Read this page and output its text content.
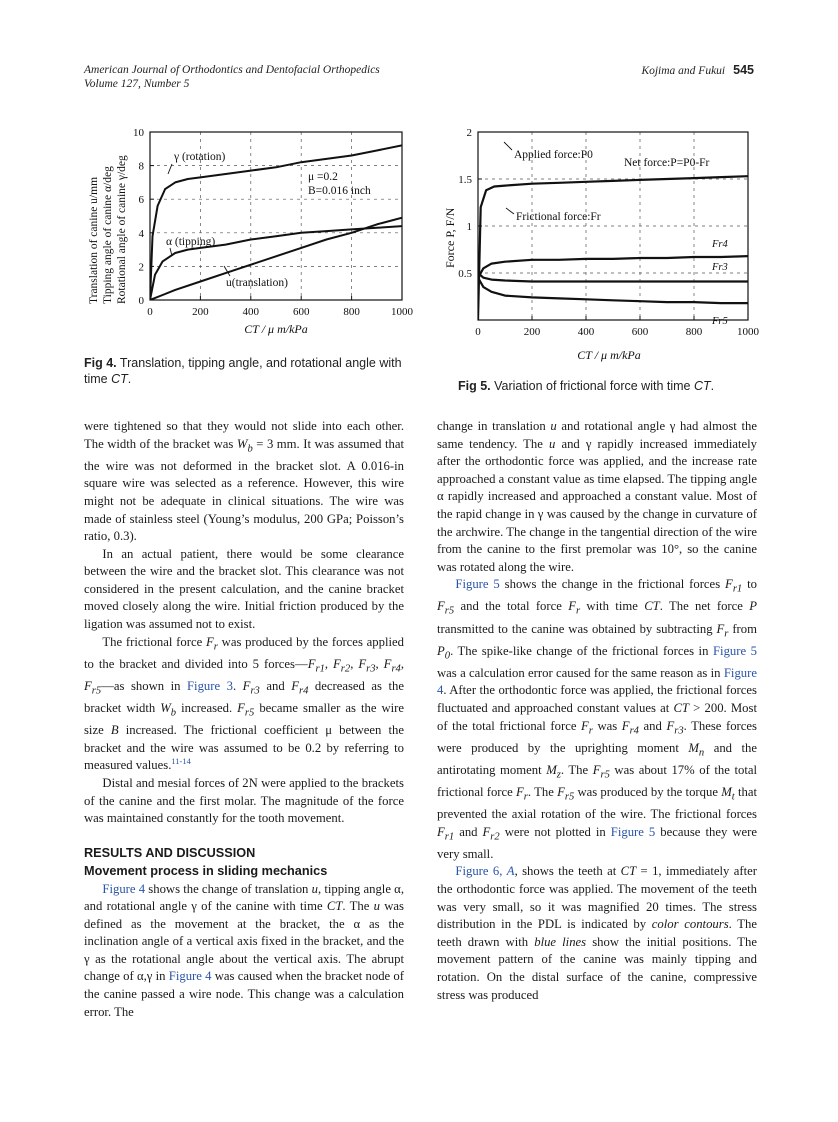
American Journal of Orthodontics and Dentofacial Orthopedics
Volume 127, Number 5
Kojima and Fukui 545
0	200	400	600	800	1000
0
2
4
6
8
10
Translation of canine u/mm Tipping angle of canine α/deg Rotational angle of canine γ/deg
CT / μ m/kPa
μ =0.2
B=0.016 inch
γ (rotation)
α (tipping)
u(translation)
Fig 4. Translation, tipping angle, and rotational angle with time CT.
0	200	400	600	800	1000
0.5
1
1.5
2
Force P, F/N
CT / μ m/kPa
Applied force:P0
Net force:P=P0-Fr
Frictional force:Fr
Fr4
Fr3
Fr5
Fig 5. Variation of frictional force with time CT.

were tightened so that they would not slide into each other. The width of the bracket was $W_b = 3$ mm. It was assumed that the wire was not deformed in the bracket slot. A 0.016-in square wire was selected as a reference. However, this wire might not be adequate in clinical situations. The wire was made of stainless steel (Young’s modulus, 200 GPa; Poisson’s ratio, 0.3).

In an actual patient, there would be some clearance between the wire and the bracket slot. This clearance was not considered in the present calculation, and the canine bracket moved closely along the wire. Initial friction produced by the ligation was assumed not to exist.

The frictional force $F_r$ was produced by the forces applied to the bracket and divided into 5 $forces—F_{r1}$, $F_{r2}$, $F_{r3}$, $F_{r4}$, $F_{r5}—as$ shown in Figure 3. $F_{r3}$ and $F_{r4}$ decreased as the bracket width $W_b$ increased. $F_{r5}$ became smaller as the wire size B increased. The frictional coefficient μ between the bracket and the wire was assumed to be 0.2 by referring to measured values.$^{11-14}$

Distal and mesial forces of 2N were applied to the brackets of the canine and the first molar. The magnitude of the force was maintained constantly for the tooth movement.

RESULTS AND DISCUSSION

Movement process in sliding mechanics

Figure 4 shows the change of translation u, tipping angle α, and rotational angle γ of the canine with time CT. The u was defined as the movement at the bracket, the α as the inclination angle of a vertical axis fixed in the bracket, and the γ as the rotational angle about the vertical axis. The abrupt change of α,γ in Figure 4 was caused when the bracket node of the canine passed a wire node. This change was a calculation error. The

change in translation u and rotational angle γ had almost the same tendency. The u and γ rapidly increased immediately after the orthodontic force was applied, and the increase rate approached a constant value as time elapsed. The tipping angle α rapidly increased and approached a constant value. Most of the rapid change in γ was caused by the change in curvature of the archwire. The change in the tangential direction of the wire from the canine to the first premolar was 10°, so the canine was rotated along the wire.

Figure 5 shows the change in the frictional forces $F_{r1}$ to $F_{r5}$ and the total force $F_r$ with time CT. The net force P transmitted to the canine was obtained by subtracting $F_r$ from $P_0$. The spike-like change of the frictional forces in Figure 5 was a calculation error caused for the same reason as in Figure 4. After the orthodontic force was applied, the frictional forces fluctuated and approached constant values at CT > 200. Most of the total frictional force $F_r$ was $F_{r4}$ and $F_{r3}$. These forces were produced by the uprighting moment $M_n$ and the antirotating moment $M_z$. The $F_{r5}$ was about 17% of the total frictional force $F_r$. The $F_{r5}$ was produced by the torque $M_t$ that prevented the axial rotation of the wire. The frictional forces $F_{r1}$ and $F_{r2}$ were not plotted in Figure 5 because they were very small.

Figure 6, A, shows the teeth at CT = 1, immediately after the orthodontic force was applied. The movement of the teeth was very small, so it was magnified 20 times. The stress distribution in the PDL is indicated by color contours. The teeth drawn with blue lines show the initial positions. The movement pattern of the canine was mainly tipping and rotation. On the distal surface of the canine, compressive stress was produced
